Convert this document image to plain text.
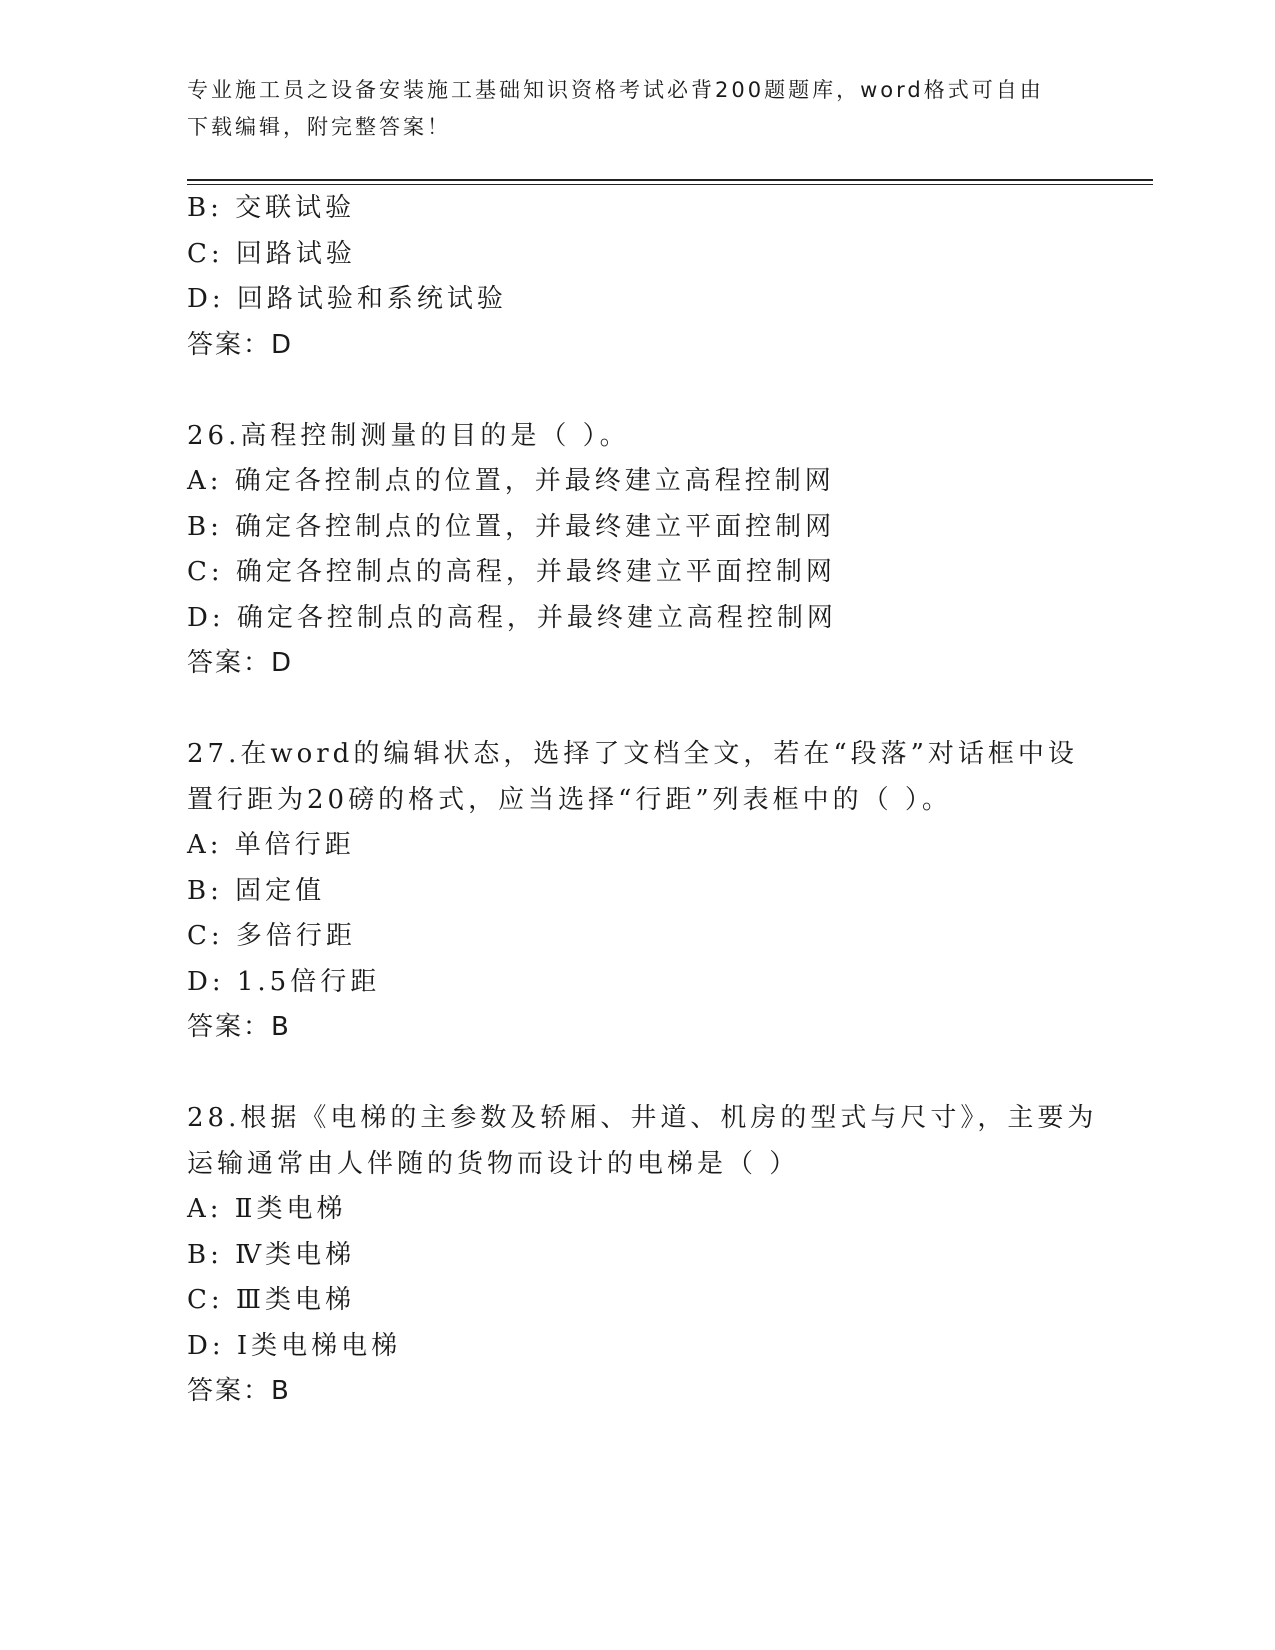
专业施工员之设备安装施工基础知识资格考试必背200题题库，word格式可自由
下载编辑，附完整答案！
B: 交联试验
C: 回路试验
D: 回路试验和系统试验
答案：D
26.高程控制测量的目的是（ ）。
A: 确定各控制点的位置，并最终建立高程控制网
B: 确定各控制点的位置，并最终建立平面控制网
C: 确定各控制点的高程，并最终建立平面控制网
D: 确定各控制点的高程，并最终建立高程控制网
答案：D
27.在word的编辑状态，选择了文档全文，若在“段落”对话框中设
置行距为20磅的格式，应当选择“行距”列表框中的（ ）。
A: 单倍行距
B: 固定值
C: 多倍行距
D: 1.5倍行距
答案：B
28.根据《电梯的主参数及轿厢、井道、机房的型式与尺寸》，主要为
运输通常由人伴随的货物而设计的电梯是（ ）
A: Ⅱ类电梯
B: Ⅳ类电梯
C: Ⅲ类电梯
D: Ⅰ类电梯电梯
答案：B
